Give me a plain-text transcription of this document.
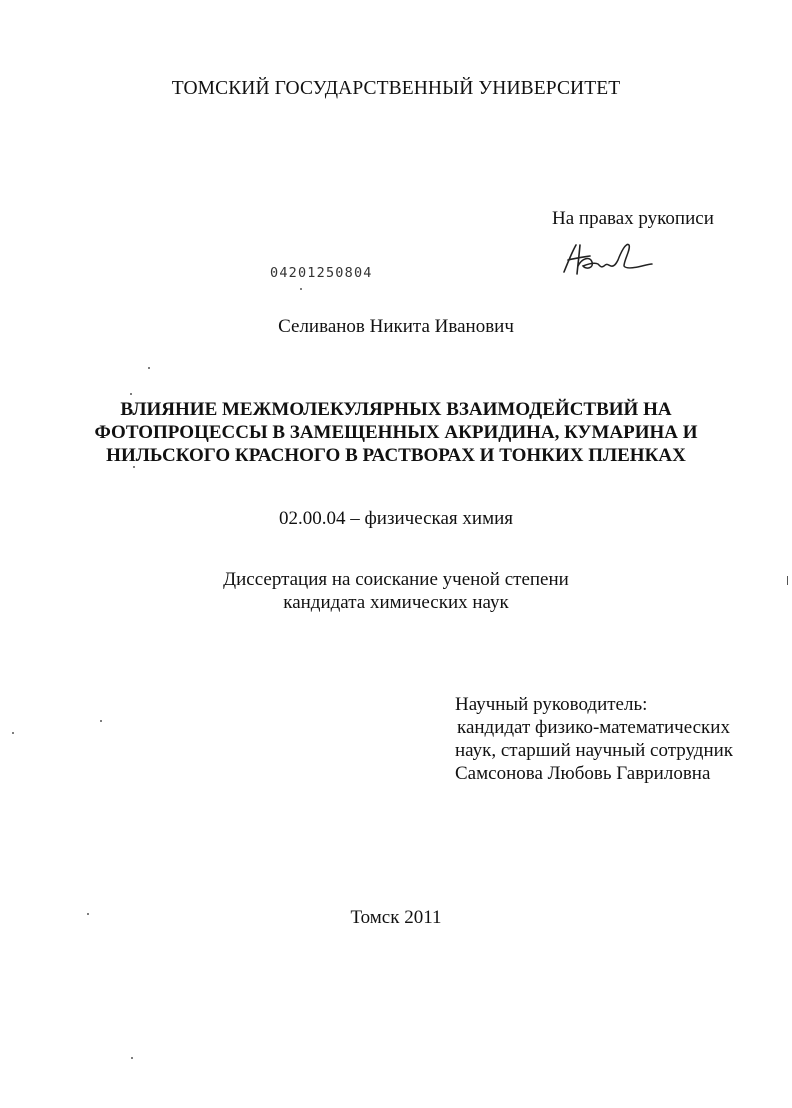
ТОМСКИЙ ГОСУДАРСТВЕННЫЙ УНИВЕРСИТЕТ
На правах рукописи
04201250804
Селиванов Никита Иванович
ВЛИЯНИЕ МЕЖМОЛЕКУЛЯРНЫХ ВЗАИМОДЕЙСТВИЙ НА
ФОТОПРОЦЕССЫ В ЗАМЕЩЕННЫХ АКРИДИНА, КУМАРИНА И
НИЛЬСКОГО КРАСНОГО В РАСТВОРАХ И ТОНКИХ ПЛЕНКАХ
02.00.04 – физическая химия
Диссертация на соискание ученой степени
кандидата химических наук
Научный руководитель:
кандидат физико-математических
наук, старший научный сотрудник
Самсонова Любовь Гавриловна
Томск 2011
